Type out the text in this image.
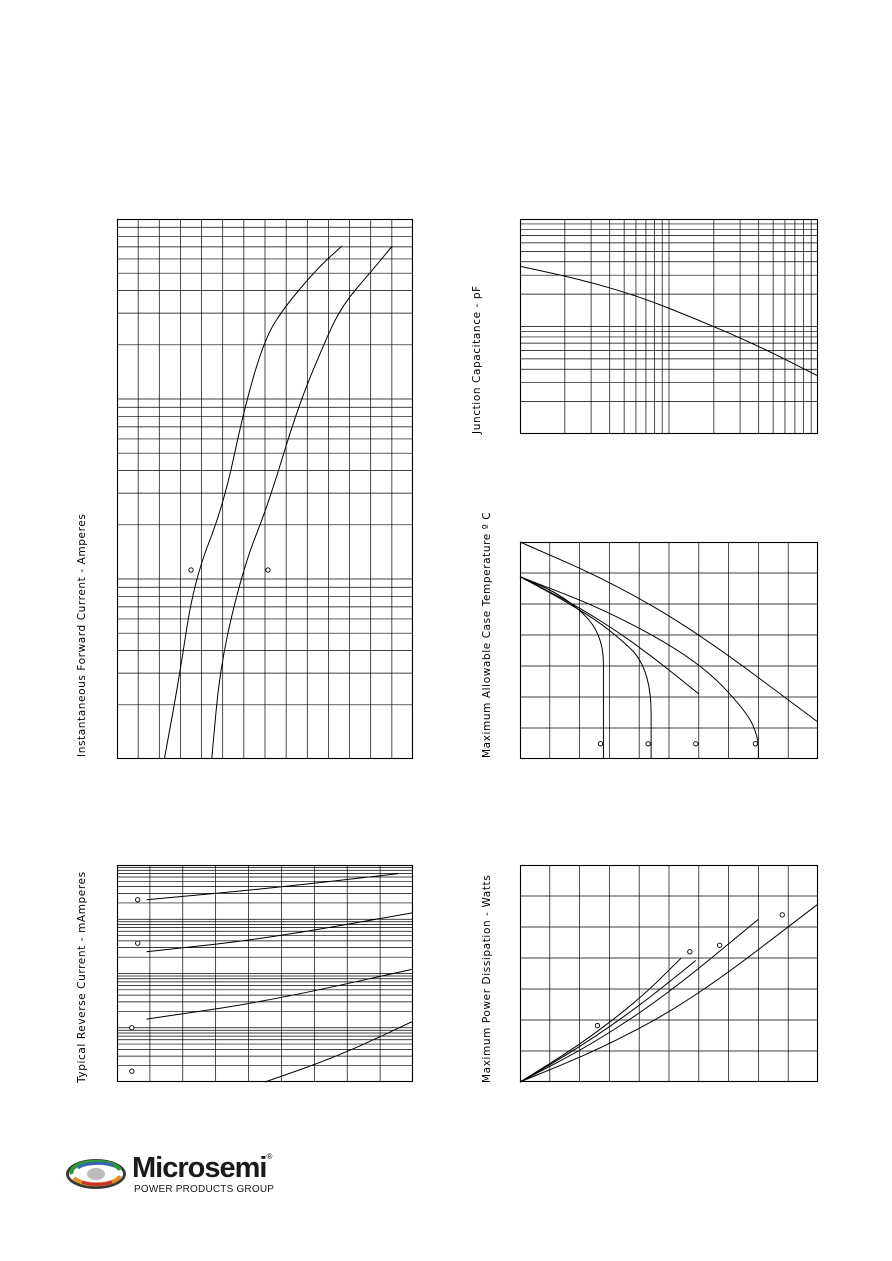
Instantaneous Forward Current - Amperes
Junction Capacitance - pF
Maximum Allowable Case Temperature º C
Typical Reverse Current - mAmperes	Maximum Power Dissipation - Watts
Microsemi®
POWER PRODUCTS GROUP
